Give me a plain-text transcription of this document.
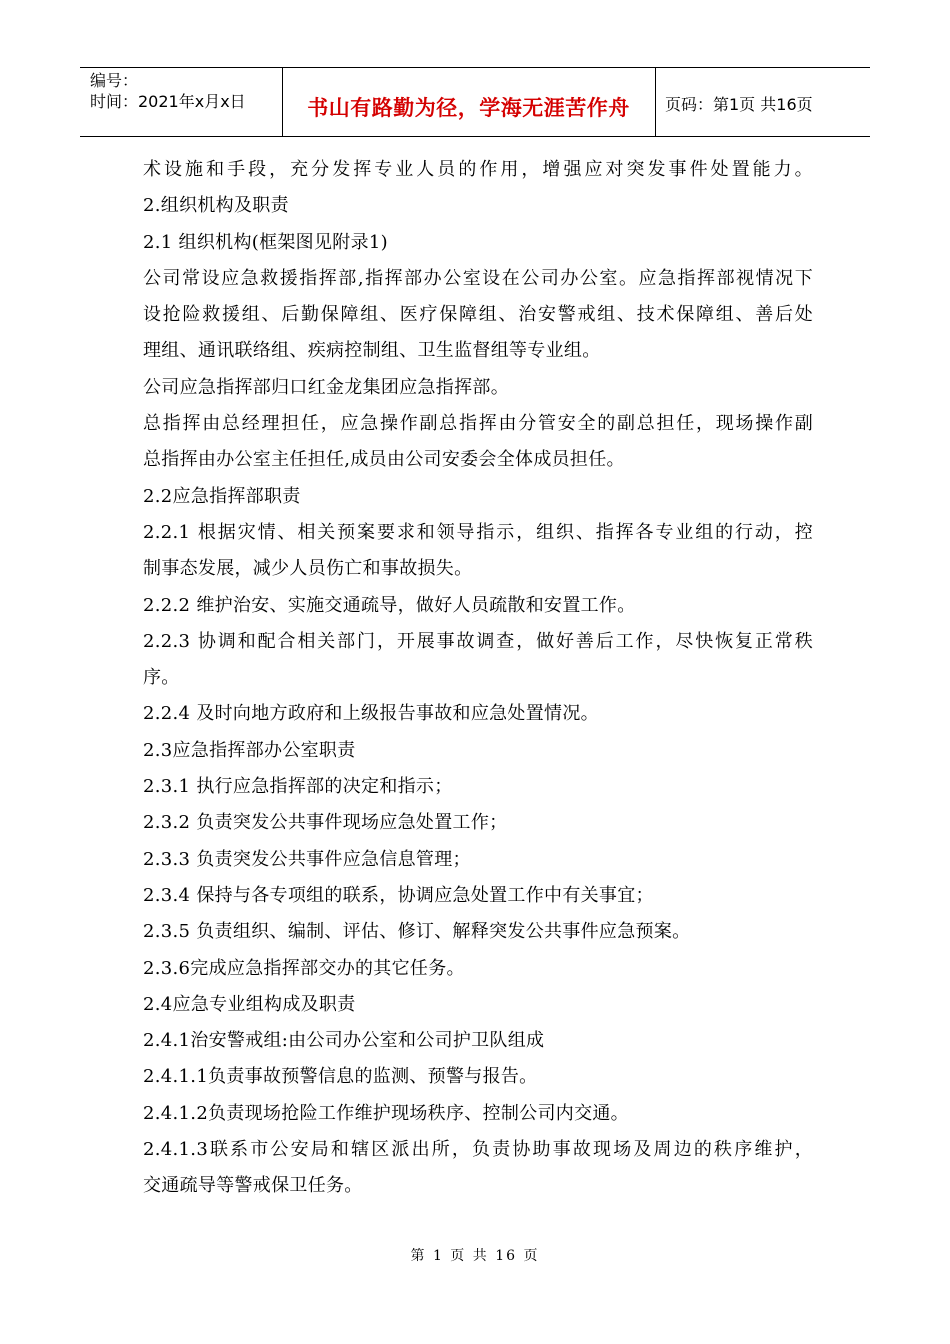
编号：
时间：2021年x月x日	书山有路勤为径，学海无涯苦作舟	页码：第1页 共16页
术设施和手段，充分发挥专业人员的作用，增强应对突发事件处置能力。
2.组织机构及职责
2.1 组织机构(框架图见附录1)
公司常设应急救援指挥部,指挥部办公室设在公司办公室。应急指挥部视情况下
设抢险救援组、后勤保障组、医疗保障组、治安警戒组、技术保障组、善后处
理组、通讯联络组、疾病控制组、卫生监督组等专业组。
公司应急指挥部归口红金龙集团应急指挥部。
总指挥由总经理担任，应急操作副总指挥由分管安全的副总担任，现场操作副
总指挥由办公室主任担任,成员由公司安委会全体成员担任。
2.2应急指挥部职责
2.2.1 根据灾情、相关预案要求和领导指示，组织、指挥各专业组的行动，控
制事态发展，减少人员伤亡和事故损失。
2.2.2 维护治安、实施交通疏导，做好人员疏散和安置工作。
2.2.3 协调和配合相关部门，开展事故调查，做好善后工作，尽快恢复正常秩
序。
2.2.4 及时向地方政府和上级报告事故和应急处置情况。
2.3应急指挥部办公室职责
2.3.1 执行应急指挥部的决定和指示；
2.3.2 负责突发公共事件现场应急处置工作；
2.3.3 负责突发公共事件应急信息管理；
2.3.4 保持与各专项组的联系，协调应急处置工作中有关事宜；
2.3.5 负责组织、编制、评估、修订、解释突发公共事件应急预案。
2.3.6完成应急指挥部交办的其它任务。
2.4应急专业组构成及职责
2.4.1治安警戒组:由公司办公室和公司护卫队组成
2.4.1.1负责事故预警信息的监测、预警与报告。
2.4.1.2负责现场抢险工作维护现场秩序、控制公司内交通。
2.4.1.3联系市公安局和辖区派出所，负责协助事故现场及周边的秩序维护，
交通疏导等警戒保卫任务。
第 1 页 共 16 页
